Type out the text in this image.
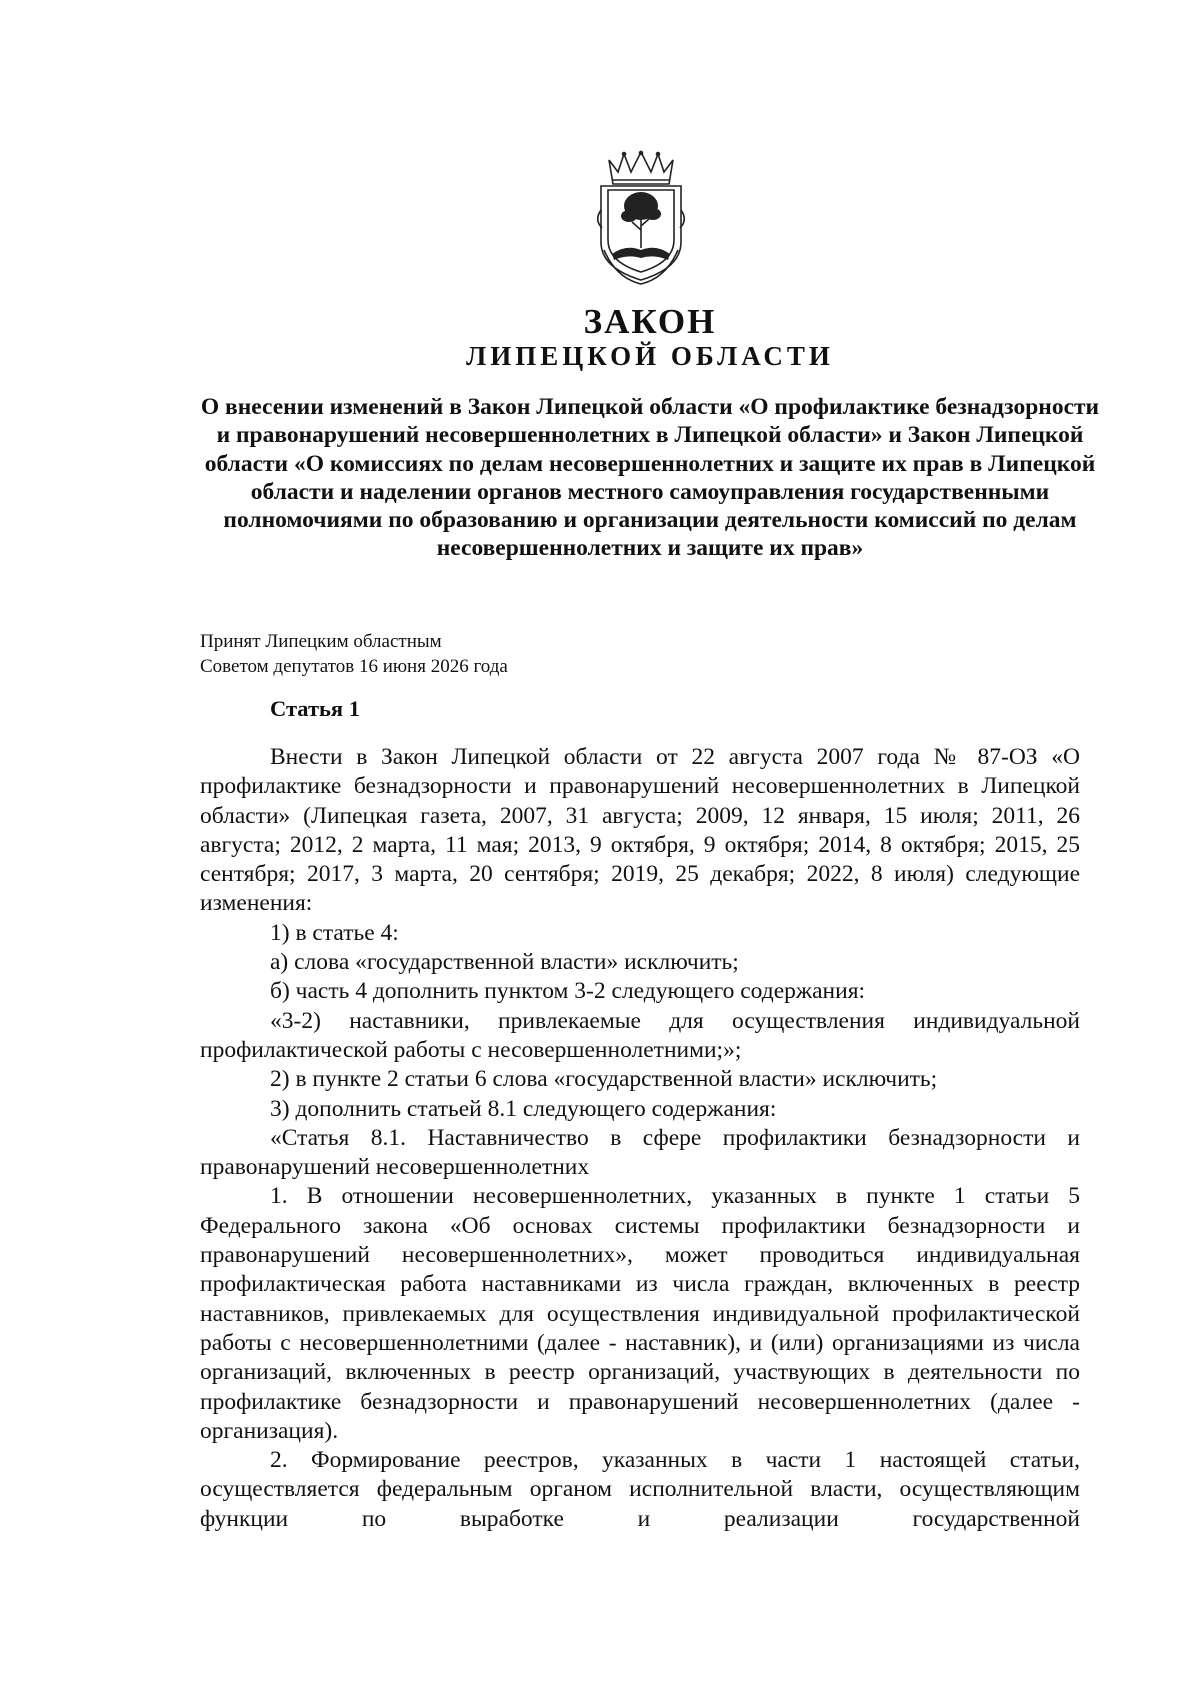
ЗАКОН
ЛИПЕЦКОЙ ОБЛАСТИ
О внесении изменений в Закон Липецкой области «О профилактике безнадзорности и правонарушений несовершеннолетних в Липецкой области» и Закон Липецкой области «О комиссиях по делам несовершеннолетних и защите их прав в Липецкой области и наделении органов местного самоуправления государственными полномочиями по образованию и организации деятельности комиссий по делам несовершеннолетних и защите их прав»
Принят Липецким областным
Советом депутатов 16 июня 2026 года
Статья 1

Внести в Закон Липецкой области от 22 августа 2007 года № 87-ОЗ «О профилактике безнадзорности и правонарушений несовершеннолетних в Липецкой области» (Липецкая газета, 2007, 31 августа; 2009, 12 января, 15 июля; 2011, 26 августа; 2012, 2 марта, 11 мая; 2013, 9 октября, 9 октября; 2014, 8 октября; 2015, 25 сентября; 2017, 3 марта, 20 сентября; 2019, 25 декабря; 2022, 8 июля) следующие изменения:

1) в статье 4:

а) слова «государственной власти» исключить;

б) часть 4 дополнить пунктом 3-2 следующего содержания:

«3-2) наставники, привлекаемые для осуществления индивидуальной профилактической работы с несовершеннолетними;»;

2) в пункте 2 статьи 6 слова «государственной власти» исключить;

3) дополнить статьей 8.1 следующего содержания:

«Статья 8.1. Наставничество в сфере профилактики безнадзорности и правонарушений несовершеннолетних

1. В отношении несовершеннолетних, указанных в пункте 1 статьи 5 Федерального закона «Об основах системы профилактики безнадзорности и правонарушений несовершеннолетних», может проводиться индивидуальная профилактическая работа наставниками из числа граждан, включенных в реестр наставников, привлекаемых для осуществления индивидуальной профилактической работы с несовершеннолетними (далее - наставник), и (или) организациями из числа организаций, включенных в реестр организаций, участвующих в деятельности по профилактике безнадзорности и правонарушений несовершеннолетних (далее - организация).

2. Формирование реестров, указанных в части 1 настоящей статьи, осуществляется федеральным органом исполнительной власти, осуществляющим функции по выработке и реализации государственной
